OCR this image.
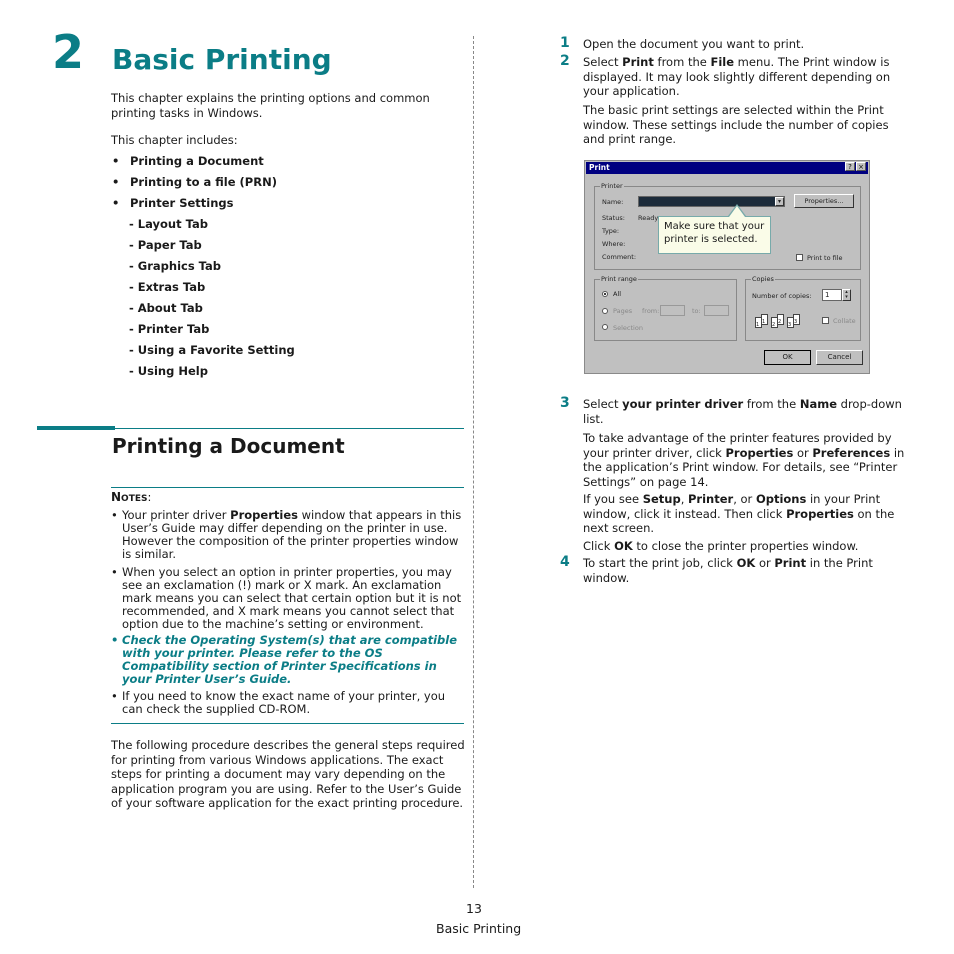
2 Basic Printing
This chapter explains the printing options and common printing tasks in Windows.
This chapter includes:
Printing a Document
Printing to a file (PRN)
Printer Settings
- Layout Tab
- Paper Tab
- Graphics Tab
- Extras Tab
- About Tab
- Printer Tab
- Using a Favorite Setting
- Using Help
Printing a Document
NOTES:
• Your printer driver Properties window that appears in this User’s Guide may differ depending on the printer in use. However the composition of the printer properties window is similar.
• When you select an option in printer properties, you may see an exclamation (!) mark or X mark. An exclamation mark means you can select that certain option but it is not recommended, and X mark means you cannot select that option due to the machine’s setting or environment.
• Check the Operating System(s) that are compatible with your printer. Please refer to the OS Compatibility section of Printer Specifications in your Printer User’s Guide.
• If you need to know the exact name of your printer, you can check the supplied CD-ROM.
The following procedure describes the general steps required for printing from various Windows applications. The exact steps for printing a document may vary depending on the application program you are using. Refer to the User’s Guide of your software application for the exact printing procedure.
1 Open the document you want to print.
2 Select Print from the File menu. The Print window is displayed. It may look slightly different depending on your application.
The basic print settings are selected within the Print window. These settings include the number of copies and print range.
Print	? ×
Printer
Name:	▾	Properties...
Status: Ready
Type:
Where:
Comment:	Print to file
Print range
All
Pages from:	to:
Selection
Copies
Number of copies:	1	▴
▾
1 1	2 2	3 3	Collate
OK	Cancel
Make sure that your printer is selected.
3 Select your printer driver from the Name drop-down list.
To take advantage of the printer features provided by your printer driver, click Properties or Preferences in the application’s Print window. For details, see “Printer Settings” on page 14.
If you see Setup, Printer, or Options in your Print window, click it instead. Then click Properties on the next screen.
Click OK to close the printer properties window.
4 To start the print job, click OK or Print in the Print window.
13
Basic Printing
